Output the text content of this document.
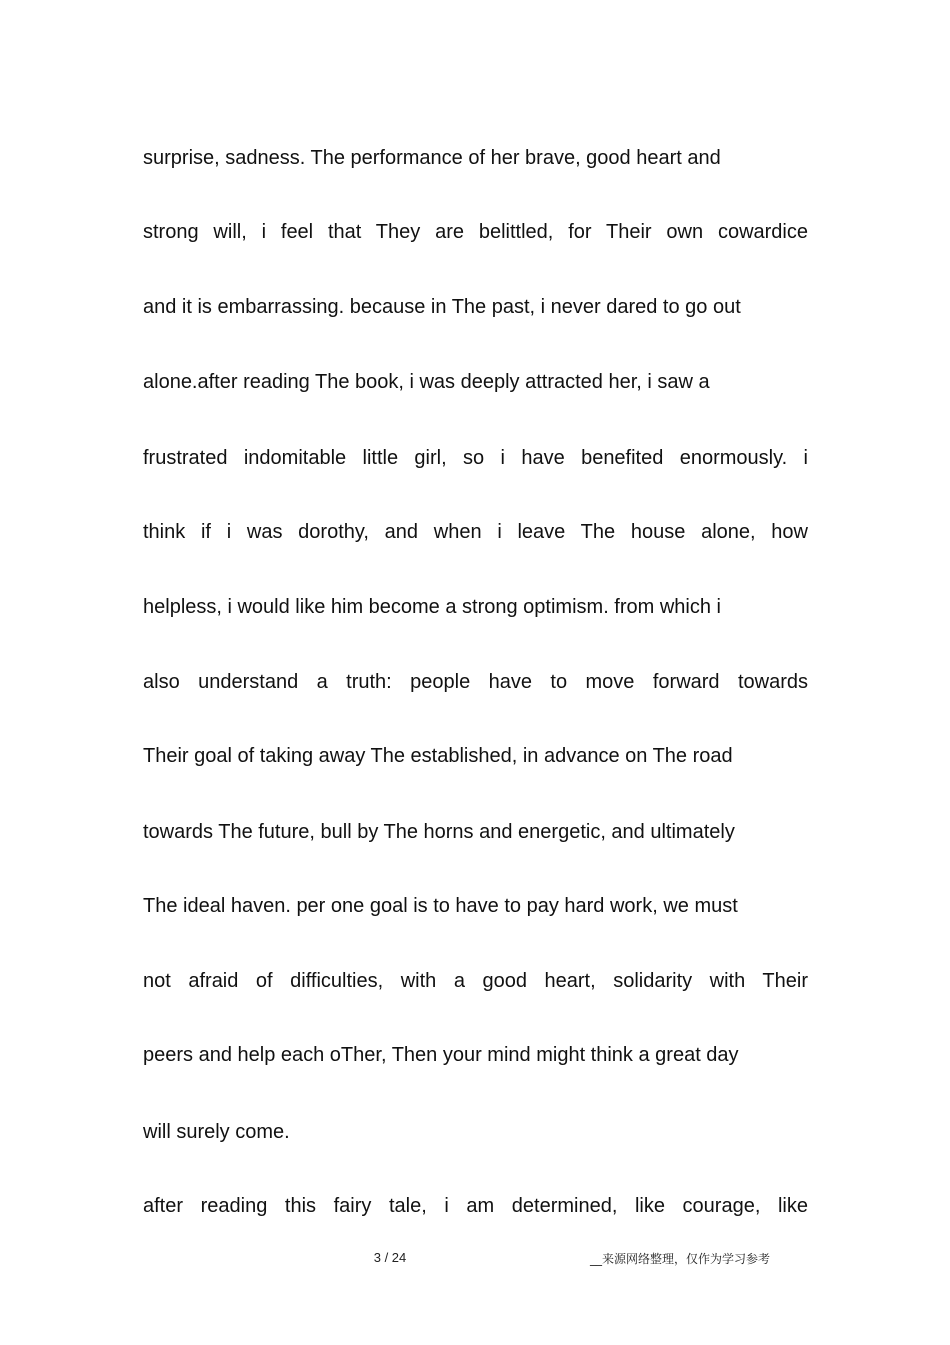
surprise, sadness. The performance of her brave, good heart and
strong will, i feel that They are belittled, for Their own cowardice
and it is embarrassing. because in The past, i never dared to go out
alone.after reading The book, i was deeply attracted her, i saw a
frustrated indomitable little girl, so i have benefited enormously. i
think if i was dorothy, and when i leave The house alone, how
helpless, i would like him become a strong optimism. from which i
also understand a truth: people have to move forward towards
Their goal of taking away The established, in advance on The road
towards The future, bull by The horns and energetic, and ultimately
The ideal haven. per one goal is to have to pay hard work, we must
not afraid of difficulties, with a good heart, solidarity with Their
peers and help each oTher, Then your mind might think a great day
will surely come.
after reading this fairy tale, i am determined, like courage, like
3 / 24	__来源网络整理，仅作为学习参考
